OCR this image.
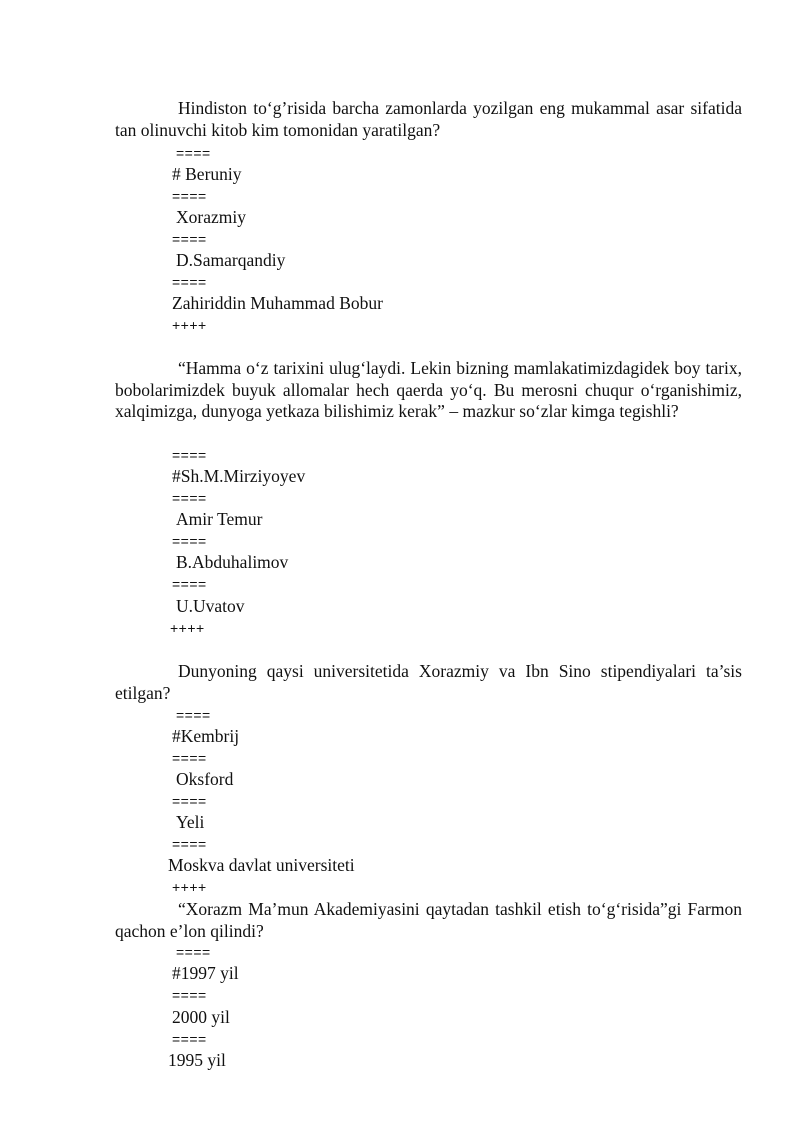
Hindiston to‘g’risida barcha zamonlarda yozilgan eng mukammal asar sifatida tan olinuvchi kitob kim tomonidan yaratilgan?

====
# Beruniy
====
Xorazmiy
====
D.Samarqandiy
====
Zahiriddin Muhammad Bobur
++++

“Hamma o‘z tarixini ulug‘laydi. Lekin bizning mamlakatimizdagidek boy tarix, bobolarimizdek buyuk allomalar hech qaerda yo‘q. Bu merosni chuqur o‘rganishimiz, xalqimizga, dunyoga yetkaza bilishimiz kerak” – mazkur so‘zlar kimga tegishli?

====
#Sh.M.Mirziyoyev
====
Amir Temur
====
B.Abduhalimov
====
U.Uvatov
++++

Dunyoning qaysi universitetida Xorazmiy va Ibn Sino stipendiyalari ta’sis etilgan?

====
#Kembrij
====
Oksford
====
Yeli
====
Moskva davlat universiteti
++++

“Xorazm Ma’mun Akademiyasini qaytadan tashkil etish to‘g‘risida”gi Farmon qachon e’lon qilindi?

====
#1997 yil
====
2000 yil
====
1995 yil
